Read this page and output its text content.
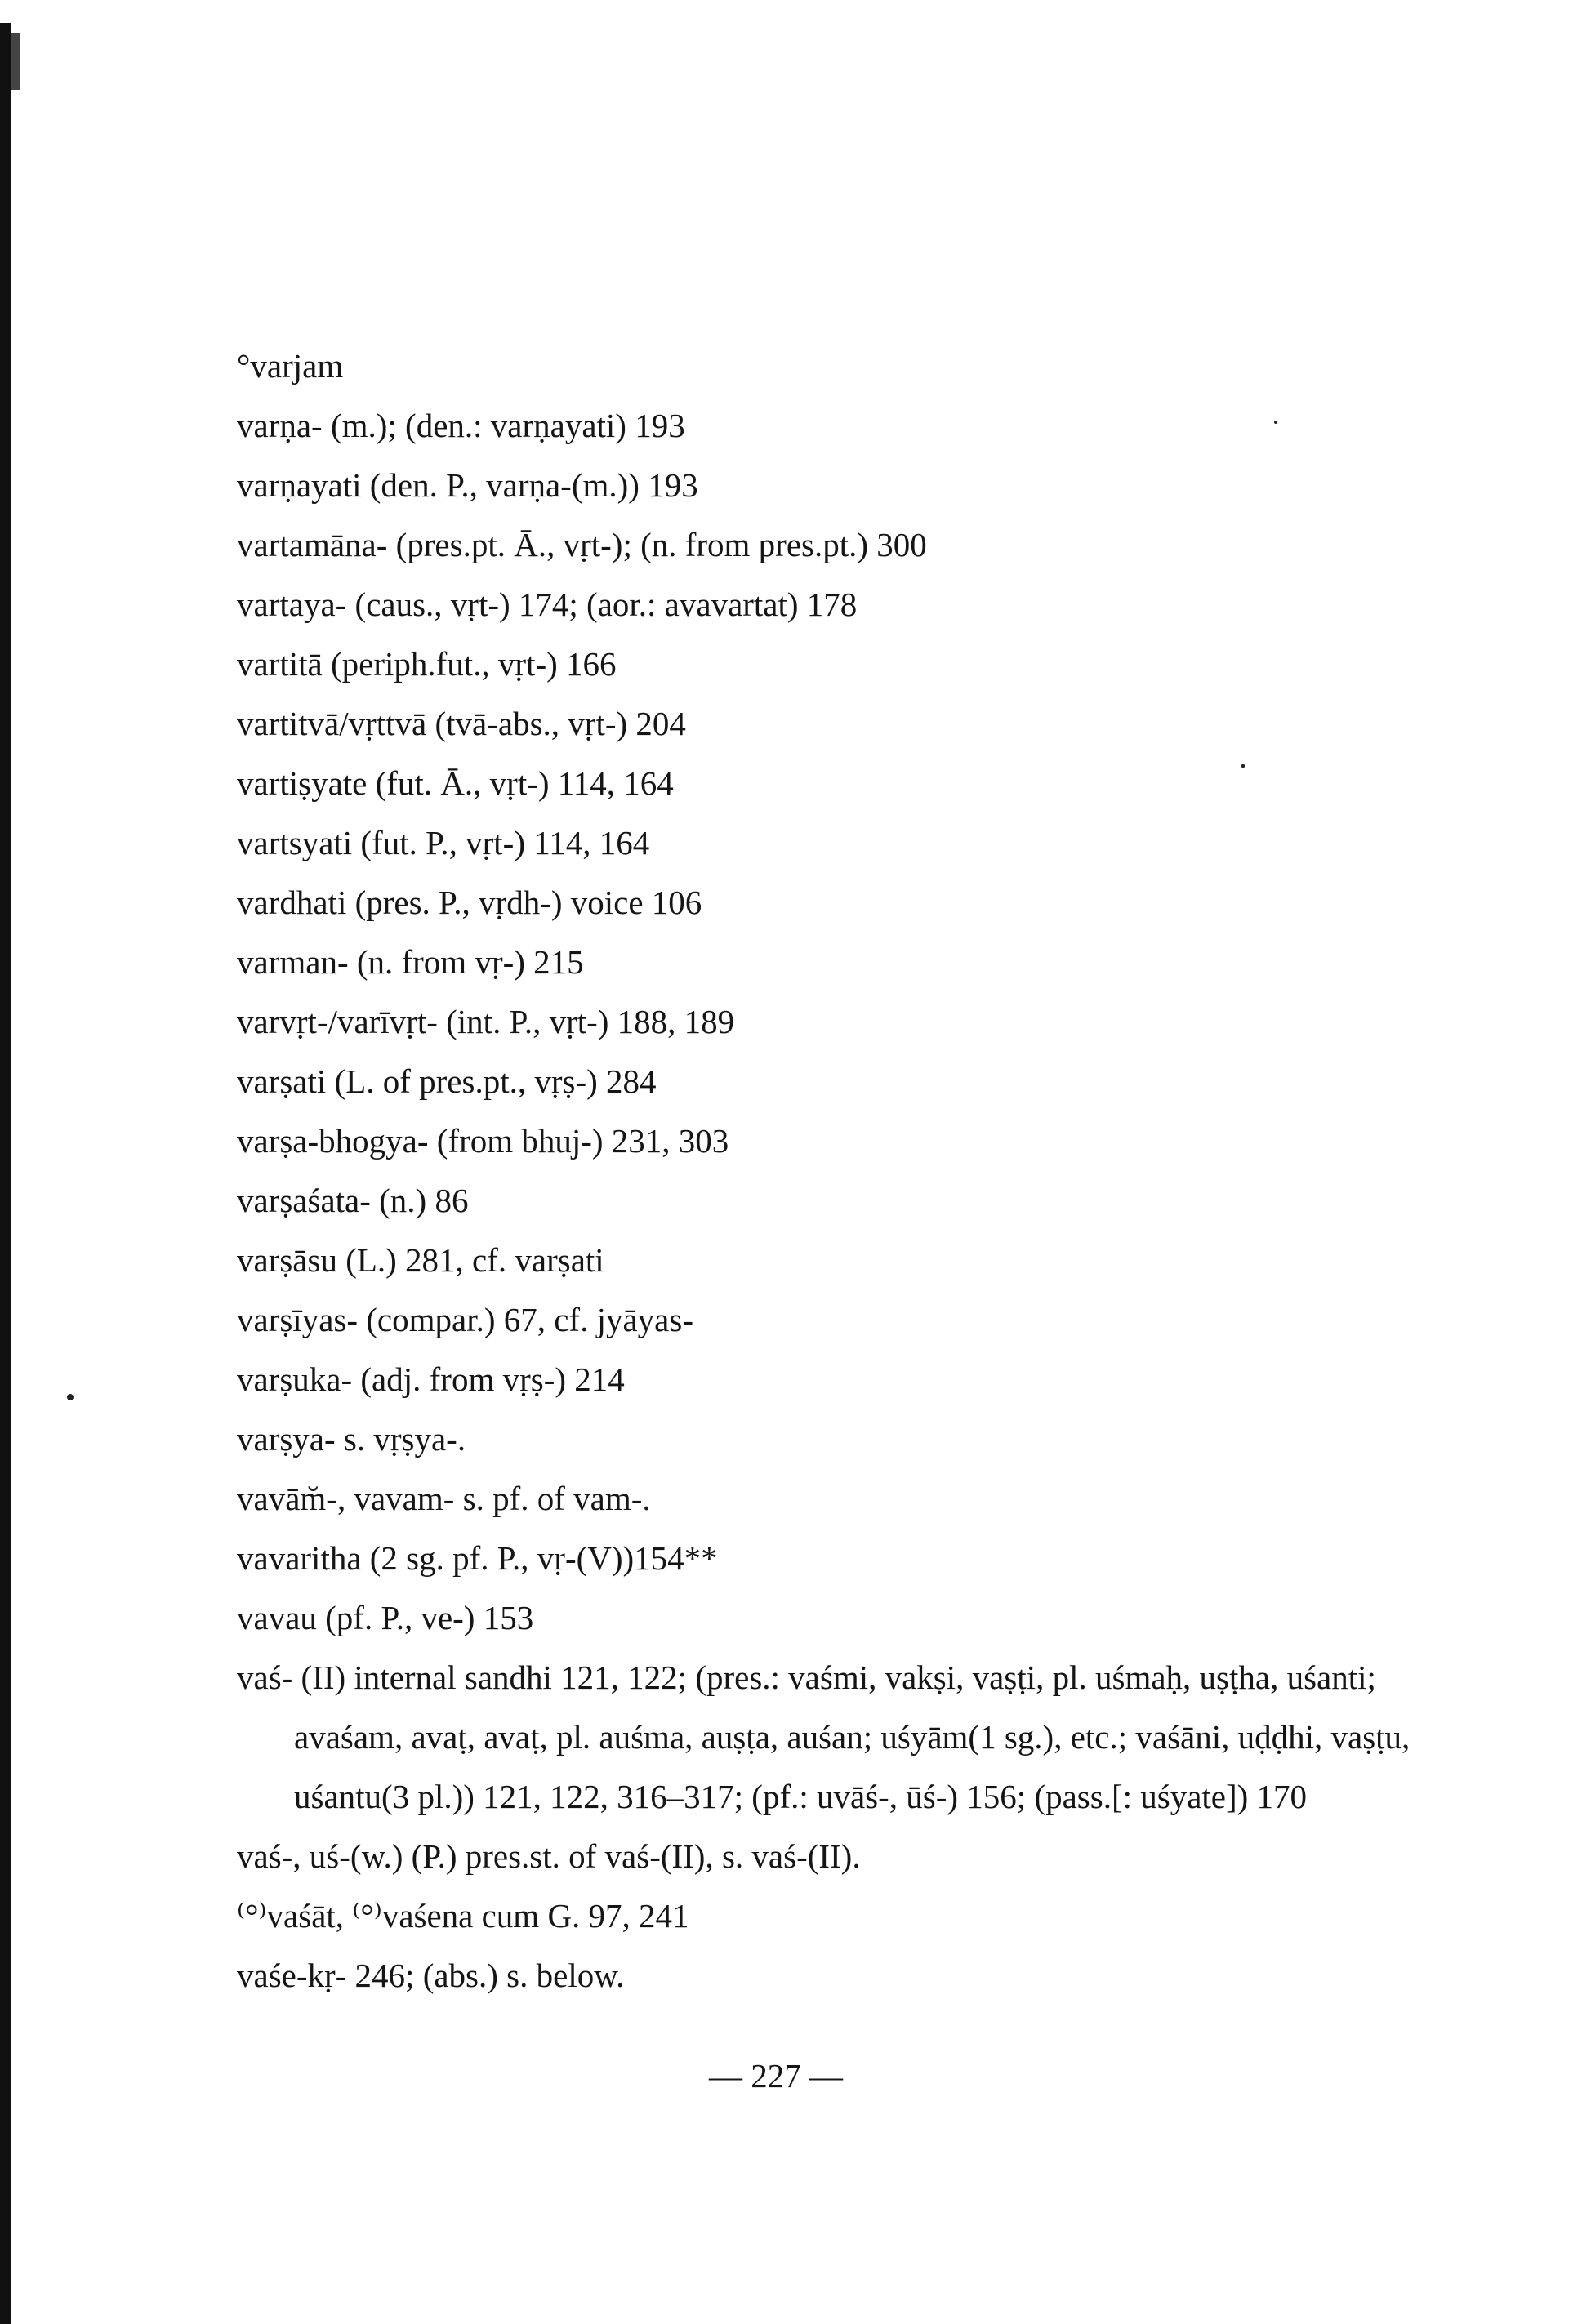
°varjam

varṇa- (m.); (den.: varṇayati) 193

varṇayati (den. P., varṇa-(m.)) 193

vartamāna- (pres.pt. Ā., vṛt-); (n. from pres.pt.) 300

vartaya- (caus., vṛt-) 174; (aor.: avavartat) 178

vartitā (periph.fut., vṛt-) 166

vartitvā/vṛttvā (tvā-abs., vṛt-) 204

vartiṣyate (fut. Ā., vṛt-) 114, 164

vartsyati (fut. P., vṛt-) 114, 164

vardhati (pres. P., vṛdh-) voice 106

varman- (n. from vṛ-) 215

varvṛt-/varīvṛt- (int. P., vṛt-) 188, 189

varṣati (L. of pres.pt., vṛṣ-) 284

varṣa-bhogya- (from bhuj-) 231, 303

varṣaśata- (n.) 86

varṣāsu (L.) 281, cf. varṣati

varṣīyas- (compar.) 67, cf. jyāyas-

varṣuka- (adj. from vṛṣ-) 214

varṣya- s. vṛṣya-.

vavām̆-, vavam- s. pf. of vam-.

vavaritha (2 sg. pf. P., vṛ-(V))154**

vavau (pf. P., ve-) 153

vaś- (II) internal sandhi 121, 122; (pres.: vaśmi, vakṣi, vaṣṭi, pl. uśmaḥ, uṣṭha, uśanti; avaśam, avaṭ, avaṭ, pl. auśma, auṣṭa, auśan; uśyām(1 sg.), etc.; vaśāni, uḍḍhi, vaṣṭu, uśantu(3 pl.)) 121, 122, 316–317; (pf.: uvāś-, ūś-) 156; (pass.[: uśyate]) 170

vaś-, uś-(w.) (P.) pres.st. of vaś-(II), s. vaś-(II).

⁽°⁾vaśāt, ⁽°⁾vaśena cum G. 97, 241

vaśe-kṛ- 246; (abs.) s. below.

— 227 —
